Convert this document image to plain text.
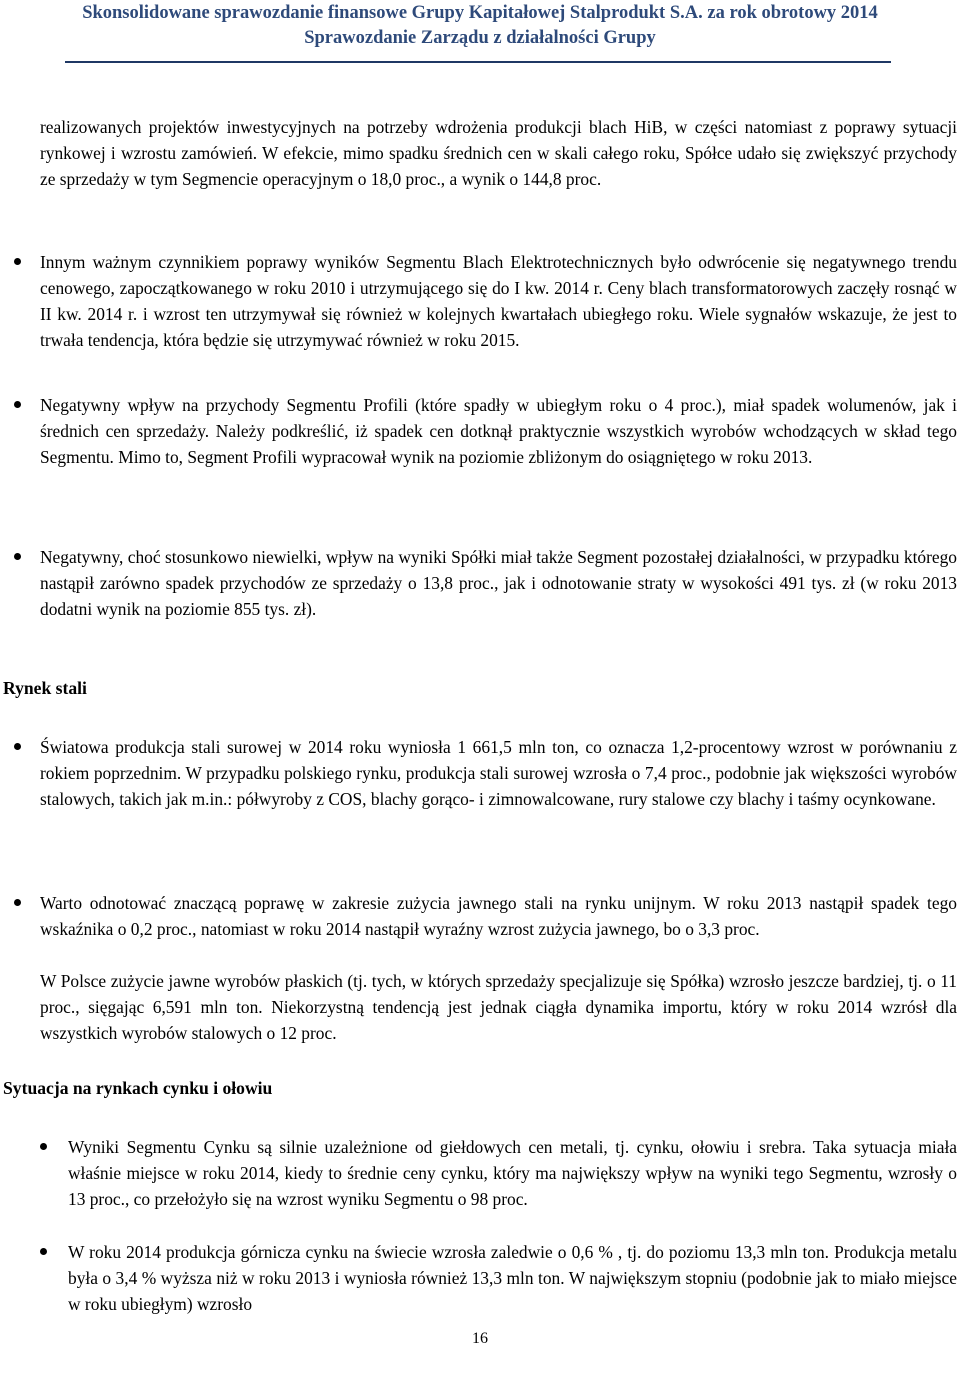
Skonsolidowane sprawozdanie finansowe Grupy Kapitałowej Stalprodukt S.A. za rok obrotowy 2014
Sprawozdanie Zarządu z działalności Grupy
realizowanych projektów inwestycyjnych na potrzeby wdrożenia produkcji blach HiB, w części natomiast z poprawy sytuacji rynkowej i wzrostu zamówień. W efekcie, mimo spadku średnich cen w skali całego roku, Spółce udało się zwiększyć przychody ze sprzedaży w tym Segmencie operacyjnym o 18,0 proc., a wynik o 144,8 proc.
Innym ważnym czynnikiem poprawy wyników Segmentu Blach Elektrotechnicznych było odwrócenie się negatywnego trendu cenowego, zapoczątkowanego w roku 2010 i utrzymującego się do I kw. 2014 r. Ceny blach transformatorowych zaczęły rosnąć w II kw. 2014 r. i wzrost ten utrzymywał się również w kolejnych kwartałach ubiegłego roku. Wiele sygnałów wskazuje, że jest to trwała tendencja, która będzie się utrzymywać również w roku 2015.
Negatywny wpływ na przychody Segmentu Profili (które spadły w ubiegłym roku o 4 proc.), miał spadek wolumenów, jak i średnich cen sprzedaży. Należy podkreślić, iż spadek cen dotknął praktycznie wszystkich wyrobów wchodzących w skład tego Segmentu. Mimo to, Segment Profili wypracował wynik na poziomie zbliżonym do osiągniętego w roku 2013.
Negatywny, choć stosunkowo niewielki, wpływ na wyniki Spółki miał także Segment pozostałej działalności, w przypadku którego nastąpił zarówno spadek przychodów ze sprzedaży o 13,8 proc., jak i odnotowanie straty w wysokości 491 tys. zł (w roku 2013 dodatni wynik na poziomie 855 tys. zł).
Rynek stali
Światowa produkcja stali surowej w 2014 roku wyniosła 1 661,5 mln ton, co oznacza 1,2-procentowy wzrost w porównaniu z rokiem poprzednim. W przypadku polskiego rynku, produkcja stali surowej wzrosła o 7,4 proc., podobnie jak większości wyrobów stalowych, takich jak m.in.: półwyroby z COS, blachy gorąco- i zimnowalcowane, rury stalowe czy blachy i taśmy ocynkowane.
Warto odnotować znaczącą poprawę w zakresie zużycia jawnego stali na rynku unijnym. W roku 2013 nastąpił spadek tego wskaźnika o 0,2 proc., natomiast w roku 2014 nastąpił wyraźny wzrost zużycia jawnego, bo o 3,3 proc.
W Polsce zużycie jawne wyrobów płaskich (tj. tych, w których sprzedaży specjalizuje się Spółka) wzrosło jeszcze bardziej, tj. o 11 proc., sięgając 6,591 mln ton. Niekorzystną tendencją jest jednak ciągła dynamika importu, który w roku 2014 wzrósł dla wszystkich wyrobów stalowych o 12 proc.
Sytuacja na rynkach cynku i ołowiu
Wyniki Segmentu Cynku są silnie uzależnione od giełdowych cen metali, tj. cynku, ołowiu i srebra. Taka sytuacja miała właśnie miejsce w roku 2014, kiedy to średnie ceny cynku, który ma największy wpływ na wyniki tego Segmentu, wzrosły o 13 proc., co przełożyło się na wzrost wyniku Segmentu o 98 proc.
W roku 2014 produkcja górnicza cynku na świecie wzrosła zaledwie o 0,6 % , tj. do poziomu 13,3 mln ton. Produkcja metalu była o 3,4 % wyższa niż w roku 2013 i wyniosła również 13,3 mln ton. W największym stopniu (podobnie jak to miało miejsce w roku ubiegłym) wzrosło
16
